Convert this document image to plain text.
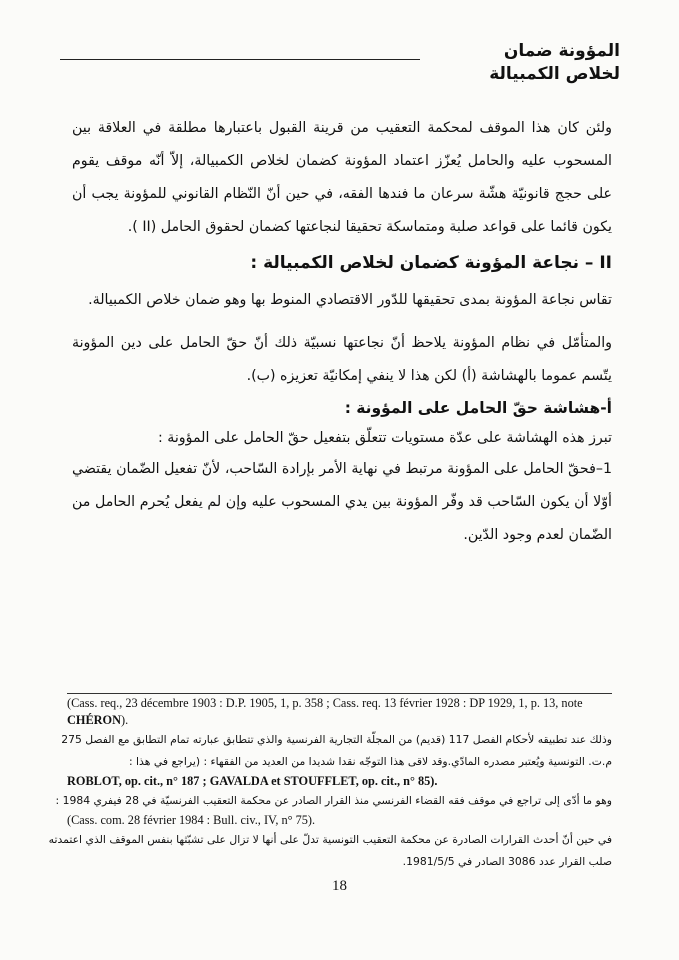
المؤونة ضمان
لخلاص الكمبيالة

ولئن كان هذا الموقف لمحكمة التعقيب من قرينة القبول باعتبارها مطلقة في العلاقة بين المسحوب عليه والحامل يُعزّز اعتماد المؤونة كضمان لخلاص الكمبيالة، إلاّ أنّه موقف يقوم على حجج قانونيّة هشّة سرعان ما فندها الفقه، في حين أنّ النّظام القانوني للمؤونة يجب أن يكون قائما على قواعد صلبة ومتماسكة تحقيقا لنجاعتها كضمان لحقوق الحامل (II ).

II – نجاعة المؤونة كضمان لخلاص الكمبيالة :

تقاس نجاعة المؤونة بمدى تحقيقها للدّور الاقتصادي المنوط بها وهو ضمان خلاص الكمبيالة.

والمتأمّل في نظام المؤونة يلاحظ أنّ نجاعتها نسبيّة ذلك أنّ حقّ الحامل على دين المؤونة يتّسم عموما بالهشاشة (أ) لكن هذا لا ينفي إمكانيّة تعزيزه (ب).

أ-هشاشة حقّ الحامل على المؤونة :

تبرز هذه الهشاشة على عدّة مستويات تتعلّق بتفعيل حقّ الحامل على المؤونة :

1–فحقّ الحامل على المؤونة مرتبط في نهاية الأمر بإرادة السّاحب، لأنّ تفعيل الضّمان يقتضي أوّلا أن يكون السّاحب قد وفّر المؤونة بين يدي المسحوب عليه وإن لم يفعل يُحرم الحامل من الضّمان لعدم وجود الدّين.

(Cass. req., 23 décembre 1903 : D.P. 1905, 1, p. 358 ; Cass. req. 13 février 1928 : DP 1929, 1, p. 13, note CHÉRON).

وذلك عند تطبيقه لأحكام الفصل 117 (قديم) من المجلّة التجارية الفرنسية والذي تتطابق عبارته تمام التطابق مع الفصل 275

م.ت. التونسية ويُعتبر مصدره المادّي.وقد لاقى هذا التوجّه نقدا شديدا من العديد من الفقهاء : (يراجع في هذا :

ROBLOT, op. cit., n° 187 ; GAVALDA et STOUFFLET, op. cit., n° 85).

وهو ما أدّى إلى تراجع في موقف فقه القضاء الفرنسي منذ القرار الصادر عن محكمة التعقيب الفرنسيّة في 28 فيفري 1984 :

(Cass. com. 28 février 1984 : Bull. civ., IV, n° 75).

في حين أنّ أحدث القرارات الصادرة عن محكمة التعقيب التونسية تدلّ على أنها لا تزال على تشبّثها بنفس الموقف الذي اعتمدته

صلب القرار عدد 3086 الصادر في 1981/5/5.

18
